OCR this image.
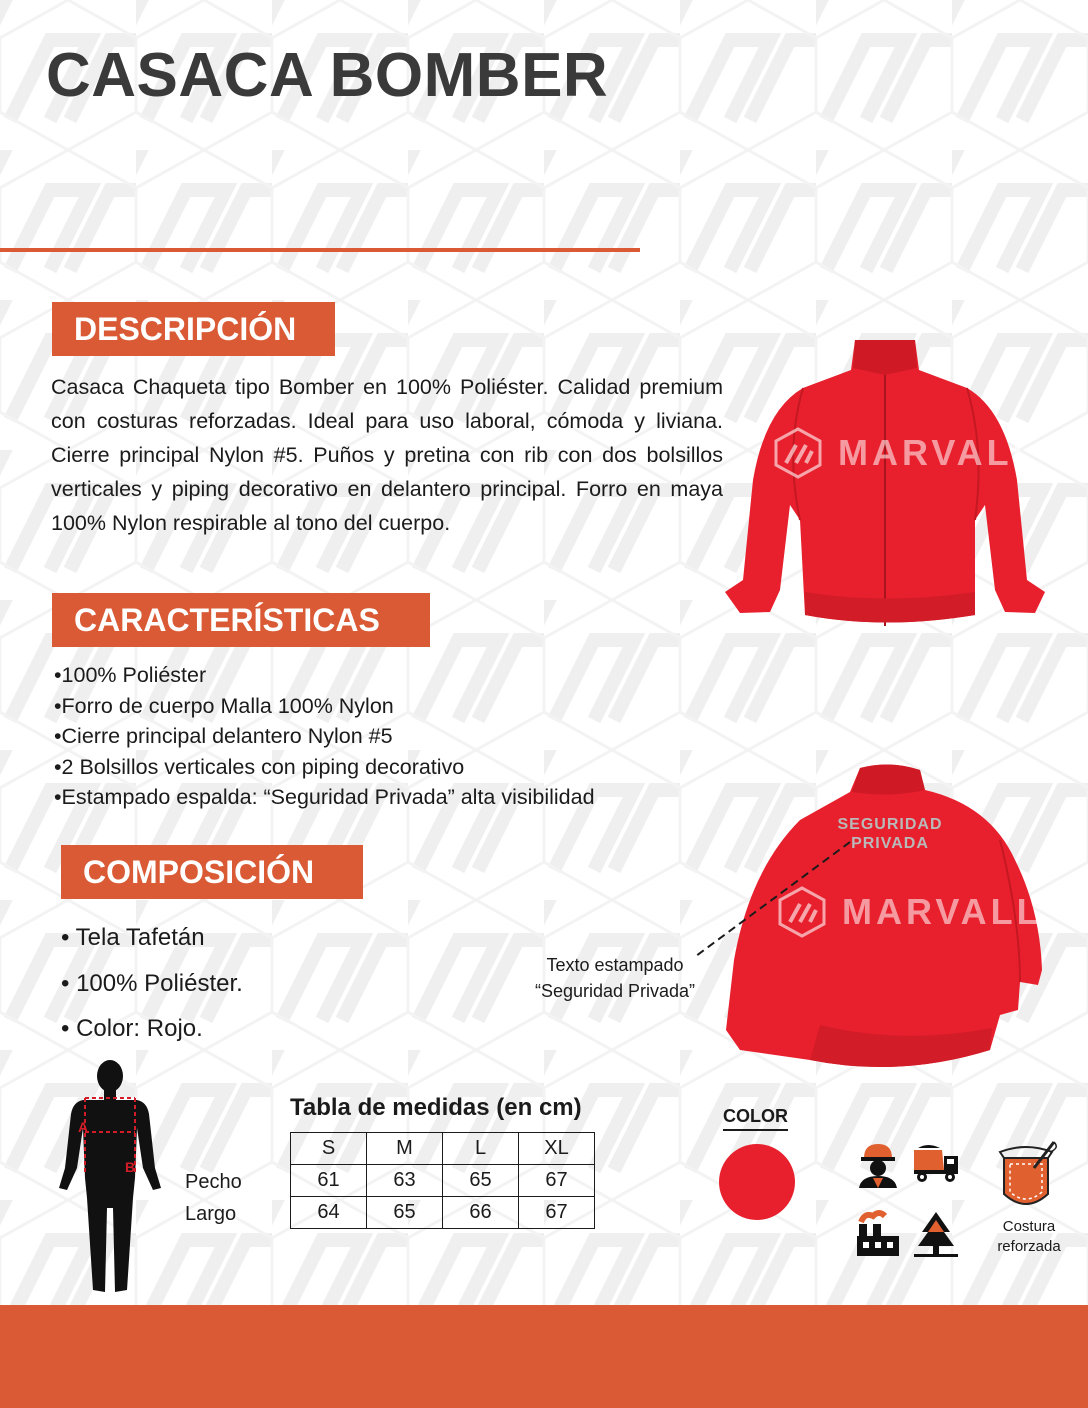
CASACA BOMBER
DESCRIPCIÓN

Casaca Chaqueta tipo Bomber en 100% Poliéster. Calidad premium con costuras reforzadas. Ideal para uso laboral, cómoda y liviana. Cierre principal Nylon #5. Puños y pretina con rib con dos bolsillos verticales y piping decorativo en delantero principal. Forro en maya 100% Nylon respirable al tono del cuerpo.

CARACTERÍSTICAS
•100% Poliéster
•Forro de cuerpo Malla 100% Nylon
•Cierre principal delantero Nylon #5
•2 Bolsillos verticales con piping decorativo
•Estampado espalda: “Seguridad Privada” alta visibilidad
COMPOSICIÓN
• Tela Tafetán
• 100% Poliéster.
• Color: Rojo.
MARVALL
SEGURIDAD
PRIVADA
MARVALL
Texto estampado
“Seguridad Privada”
A
B
Tabla de medidas (en cm)
Pecho
Largo
S	M	L	XL
61	63	65	67
64	65	66	67
COLOR
Costura
reforzada
